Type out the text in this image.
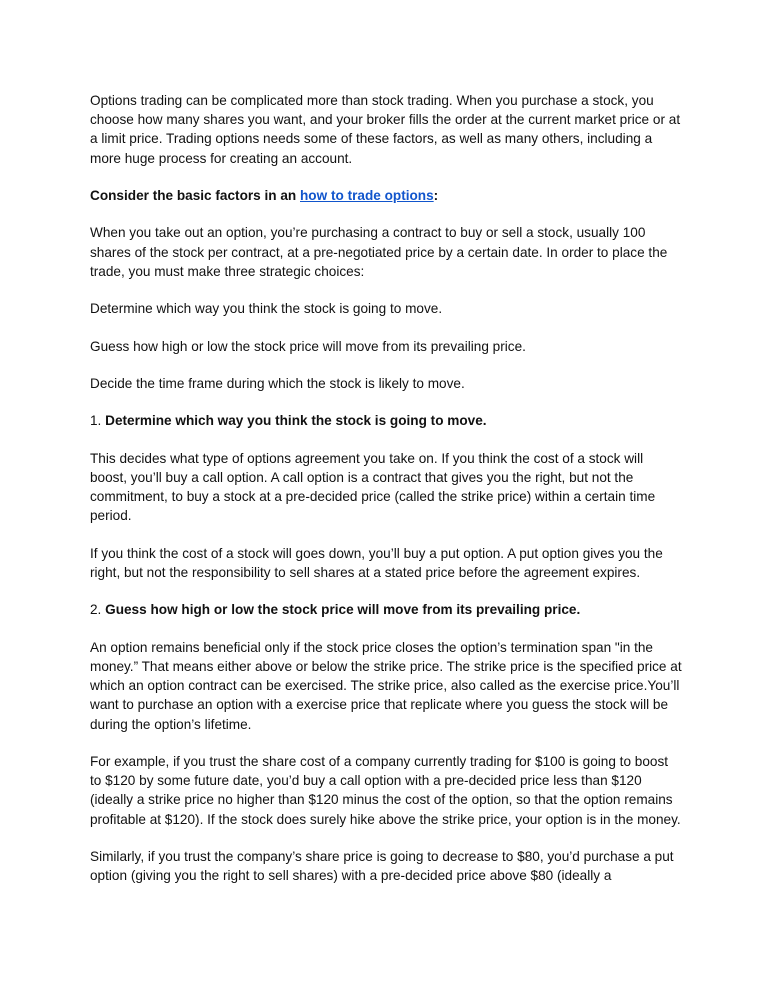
Options trading can be complicated more than stock trading. When you purchase a stock, you choose how many shares you want, and your broker fills the order at the current market price or at a limit price. Trading options needs some of these factors, as well as many others, including a more huge process for creating an account.

Consider the basic factors in an how to trade options:

When you take out an option, you’re purchasing a contract to buy or sell a stock, usually 100 shares of the stock per contract, at a pre-negotiated price by a certain date. In order to place the trade, you must make three strategic choices:

Determine which way you think the stock is going to move.

Guess how high or low the stock price will move from its prevailing price.

Decide the time frame during which the stock is likely to move.

1. Determine which way you think the stock is going to move.

This decides what type of options agreement you take on. If you think the cost of a stock will boost, you’ll buy a call option. A call option is a contract that gives you the right, but not the commitment, to buy a stock at a pre-decided price (called the strike price) within a certain time period.

If you think the cost of a stock will goes down, you’ll buy a put option. A put option gives you the right, but not the responsibility to sell shares at a stated price before the agreement expires.

2. Guess how high or low the stock price will move from its prevailing price.

An option remains beneficial only if the stock price closes the option’s termination span "in the money.” That means either above or below the strike price. The strike price is the specified price at which an option contract can be exercised. The strike price, also called as the exercise price.You’ll want to purchase an option with a exercise price that replicate where you guess the stock will be during the option’s lifetime.

For example, if you trust the share cost of a company currently trading for $100 is going to boost to $120 by some future date, you’d buy a call option with a pre-decided price less than $120 (ideally a strike price no higher than $120 minus the cost of the option, so that the option remains profitable at $120). If the stock does surely hike above the strike price, your option is in the money.

Similarly, if you trust the company’s share price is going to decrease to $80, you’d purchase a put option (giving you the right to sell shares) with a pre-decided price above $80 (ideally a
